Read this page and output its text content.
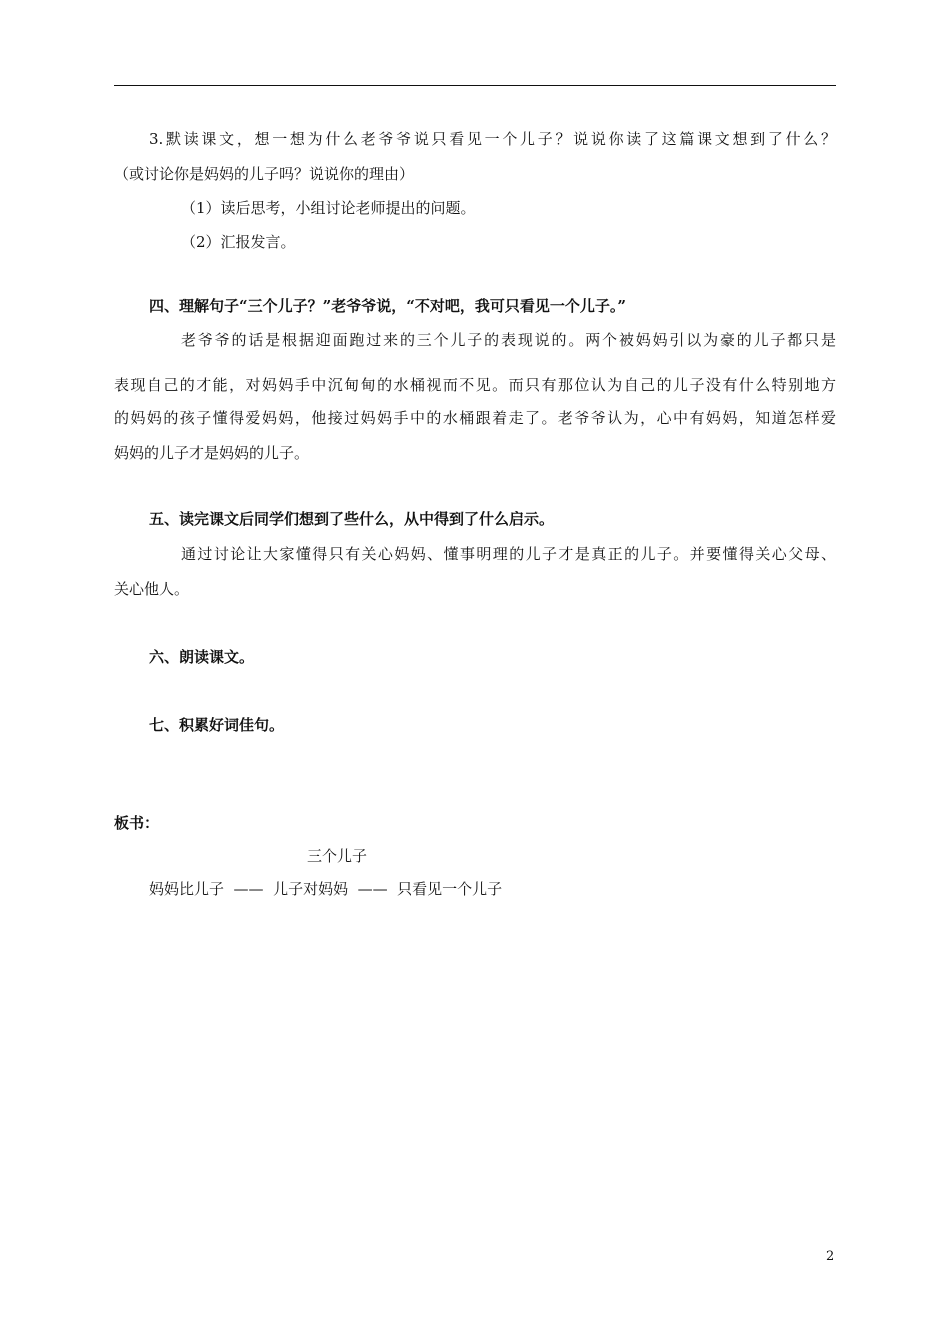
3.默读课文，想一想为什么老爷爷说只看见一个儿子？说说你读了这篇课文想到了什么？
（或讨论你是妈妈的儿子吗？说说你的理由）
（1）读后思考，小组讨论老师提出的问题。
（2）汇报发言。
四、理解句子“三个儿子？”老爷爷说，“不对吧，我可只看见一个儿子。”
老爷爷的话是根据迎面跑过来的三个儿子的表现说的。两个被妈妈引以为豪的儿子都只是
表现自己的才能，对妈妈手中沉甸甸的水桶视而不见。而只有那位认为自己的儿子没有什么特别地方
的妈妈的孩子懂得爱妈妈，他接过妈妈手中的水桶跟着走了。老爷爷认为，心中有妈妈，知道怎样爱
妈妈的儿子才是妈妈的儿子。
五、读完课文后同学们想到了些什么，从中得到了什么启示。
通过讨论让大家懂得只有关心妈妈、懂事明理的儿子才是真正的儿子。并要懂得关心父母、
关心他人。
六、朗读课文。
七、积累好词佳句。
板书：
三个儿子
妈妈比儿子  ——  儿子对妈妈  ——  只看见一个儿子
2
